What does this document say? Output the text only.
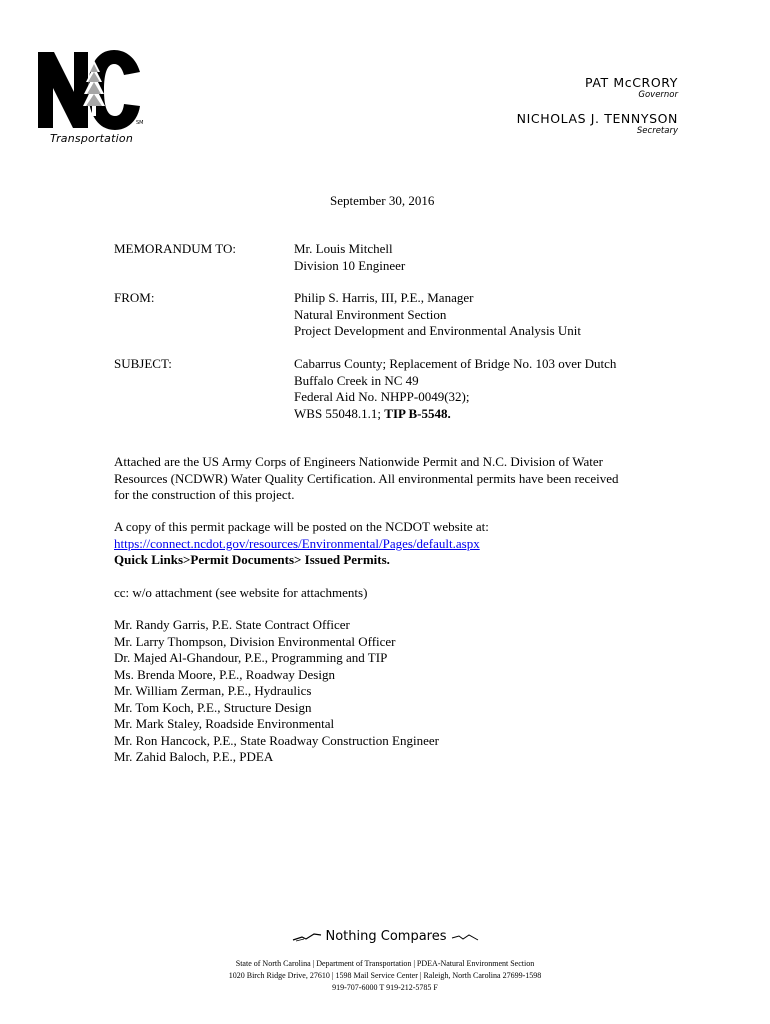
SM
Transportation
PAT McCRORY
Governor
NICHOLAS J. TENNYSON
Secretary
September 30, 2016
MEMORANDUM TO:	Mr. Louis Mitchell
Division 10 Engineer
FROM:	Philip S. Harris, III, P.E., Manager
Natural Environment Section
Project Development and Environmental Analysis Unit
SUBJECT:	Cabarrus County; Replacement of Bridge No. 103 over Dutch
Buffalo Creek in NC 49
Federal Aid No. NHPP-0049(32);
WBS 55048.1.1; TIP B-5548.
Attached are the US Army Corps of Engineers Nationwide Permit and N.C. Division of Water
Resources (NCDWR) Water Quality Certification. All environmental permits have been received
for the construction of this project.
A copy of this permit package will be posted on the NCDOT website at:
https://connect.ncdot.gov/resources/Environmental/Pages/default.aspx
Quick Links>Permit Documents> Issued Permits.
cc: w/o attachment (see website for attachments)
Mr. Randy Garris, P.E. State Contract Officer
Mr. Larry Thompson, Division Environmental Officer
Dr. Majed Al-Ghandour, P.E., Programming and TIP
Ms. Brenda Moore, P.E., Roadway Design
Mr. William Zerman, P.E., Hydraulics
Mr. Tom Koch, P.E., Structure Design
Mr. Mark Staley, Roadside Environmental
Mr. Ron Hancock, P.E., State Roadway Construction Engineer
Mr. Zahid Baloch, P.E., PDEA
Nothing Compares
State of North Carolina | Department of Transportation | PDEA-Natural Environment Section
1020 Birch Ridge Drive, 27610 | 1598 Mail Service Center | Raleigh, North Carolina 27699-1598
919-707-6000 T 919-212-5785 F
